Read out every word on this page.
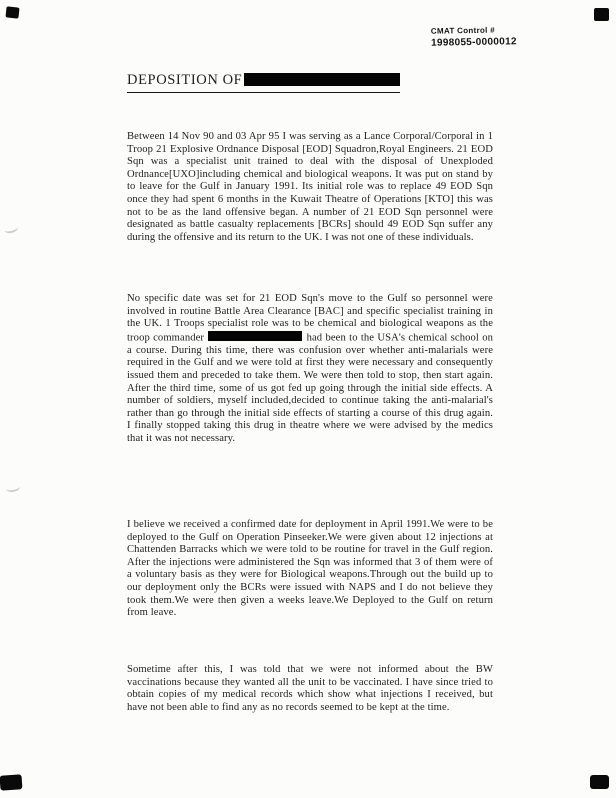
CMAT Control #
1998055-0000012
DEPOSITION OF

Between 14 Nov 90 and 03 Apr 95 I was serving as a Lance Corporal/Corporal in 1 Troop 21 Explosive Ordnance Disposal [EOD] Squadron,Royal Engineers. 21 EOD Sqn was a specialist unit trained to deal with the disposal of Unexploded Ordnance[UXO]including chemical and biological weapons. It was put on stand by to leave for the Gulf in January 1991. Its initial role was to replace 49 EOD Sqn once they had spent 6 months in the Kuwait Theatre of Operations [KTO] this was not to be as the land offensive began. A number of 21 EOD Sqn personnel were designated as battle casualty replacements [BCRs] should 49 EOD Sqn suffer any during the offensive and its return to the UK. I was not one of these individuals.

No specific date was set for 21 EOD Sqn's move to the Gulf so personnel were involved in routine Battle Area Clearance [BAC] and specific specialist training in the UK. 1 Troops specialist role was to be chemical and biological weapons as the troop commander	had been to the USA's chemical school on a course. During this time, there was confusion over whether anti-malarials were required in the Gulf and we were told at first they were necessary and consequently issued them and preceded to take them. We were then told to stop, then start again. After the third time, some of us got fed up going through the initial side effects. A number of soldiers, myself included,decided to continue taking the anti-malarial's rather than go through the initial side effects of starting a course of this drug again. I finally stopped taking this drug in theatre where we were advised by the medics that it was not necessary.

I believe we received a confirmed date for deployment in April 1991.We were to be deployed to the Gulf on Operation Pinseeker.We were given about 12 injections at Chattenden Barracks which we were told to be routine for travel in the Gulf region. After the injections were administered the Sqn was informed that 3 of them were of a voluntary basis as they were for Biological weapons.Through out the build up to our deployment only the BCRs were issued with NAPS and I do not believe they took them.We were then given a weeks leave.We Deployed to the Gulf on return from leave.

Sometime after this, I was told that we were not informed about the BW vaccinations because they wanted all the unit to be vaccinated. I have since tried to obtain copies of my medical records which show what injections I received, but have not been able to find any as no records seemed to be kept at the time.
